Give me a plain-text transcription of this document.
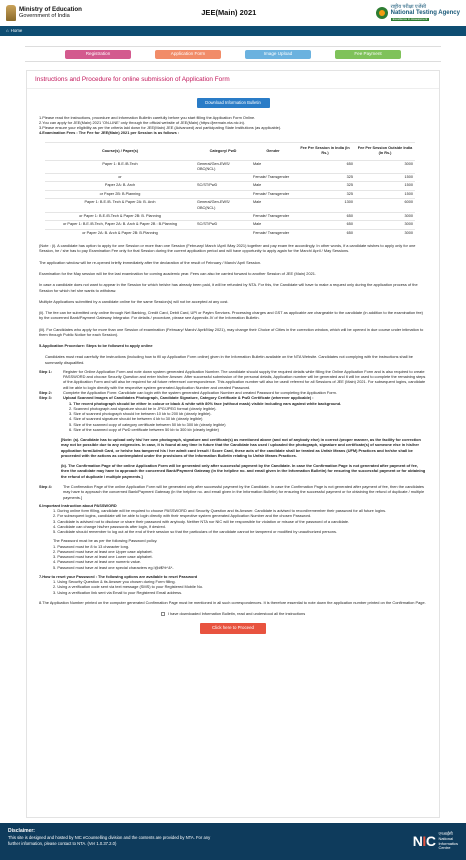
Ministry of Education
Government of India	JEE(Main) 2021
राष्ट्रीय परीक्षा एजेंसी
National Testing Agency
Excellence in Assessment
⌂ Home
Registration	Application Form	Image Upload	Fee Payment
Instructions and Procedure for online submission of Application Form
Download Information Bulletin

1.Please read the instructions, procedure and information Bulletin carefully before you start filling the Application Form Online.

2.You can apply for JEE(Main) 2021 'ON-LINE' only through the official website of JEE(Main) (https://jeemain.nta.nic.in).

3.Please ensure your eligibility as per the criteria laid down for JEE(Main) JEE (Advanced) and participating State Institutions (as applicable).

4.Examination Fees : The Fee for JEE(Main) 2021 per Session is as follows :

Course(s) / Paper(s)	Category/ PwD	Gender	Fee Per Session in India (In Rs.)	Fee Per Session Outside India (In Rs.)
Paper 1: B.E./B.Tech	General/Gen-EWS/ OBC(NCL)	Male	650	3000
or		Female/ Transgender	325	1500
Paper 2A: B. Arch	SC/ST/PwD	Male	325	1500
or Paper 2B: B.Planning		Female/ Transgender	325	1500
Paper 1: B.E./B. Tech & Paper 2A: B. Arch	General/Gen-EWS/ OBC(NCL)	Male	1300	6000
or Paper 1: B.E./B.Tech & Paper 2B: B. Planning		Female/ Transgender	650	3000
or Paper 1: B.E./B.Tech, Paper 2A: B. Arch & Paper 2B : B.Planning	SC/ST/PwD	Male	650	3000
or Paper 2A: B. Arch & Paper 2B: B.Planning		Female/ Transgender	650	3000
(Note : (i). A candidate has option to apply for one Session or more than one Session (February/ March /April /May 2021) together and pay exam fee accordingly. In other words, if a candidate wishes to apply only for one Session, he / she has to pay Examination Fee only for that Session during the current application period and will have opportunity to apply again for the March/ April / May Sessions.
The application window will be re-opened briefly immediately after the declaration of the result of February / March/ April Session.
Examination for the May session will be the last examination for coming academic year. Fees can also be carried forward to another Session of JEE (Main) 2021.
In case a candidate does not want to appear in the Session for which he/she has already been paid, it will be refunded by NTA. For this, the Candidate will have to make a request only during the application process of the Session for which he/ she wants to withdraw.
Multiple Applications submitted by a candidate online for the same Session(s) will not be accepted at any cost.
(ii). The fee can be submitted only online through Net Banking, Credit Card, Debit Card, UPI or Paytm Services. Processing charges and GST as applicable are chargeable to the candidate (in addition to the examination fee) by the concerned Bank/Payment Gateway Integrator. For details / procedure, please see Appendix-IV of the Information Bulletin.
(iii). For Candidates who apply for more than one Session of examination (February/ March/ April/May 2021), may change their Choice of Cities in the correction window, which will be opened in due course under intimation to them through Public Notice for each Session).
5.Application Procedure: Steps to be followed to apply online
Candidates must read carefully the instructions (including how to fill up Application Form online) given in the Information Bulletin available on the NTA Website. Candidates not complying with the instructions shall be summarily disqualified.
Step 1:	Register for Online Application Form and note down system generated Application Number. The candidate should supply the required details while filling the Online Application Form and is also required to create PASSWORD and choose Security Question and enter his/her Answer. After successful submission of the personal details, Application number will be generated and it will be used to complete the remaining steps of the Application Form and will also be required for all future reference/ correspondence. This application number will also be used/ referred for all Sessions of JEE (Main) 2021. For subsequent logins, candidate will be able to login directly with the respective system generated Application Number and created Password.
Step 2:	Complete the Application Form: Candidate can login with the system generated Application Number and created Password for completing the Application Form.
Step 3:	Upload Scanned Images of Candidates Photograph, Candidate Signature, Category Certificate & PwD Certificate (wherever applicable) :
1. The recent photograph should be either in colour or black & white with 80% face (without mask) visible including ears against white background.
2. Scanned photograph and signature should be in JPG/JPEG format (clearly legible).
3. Size of scanned photograph should be between 10 kb to 200 kb (clearly legible).
4. Size of scanned signature should be between 4 kb to 30 kb (clearly legible)
5. Size of the scanned copy of category certificate between 50 kb to 300 kb (clearly legible)
6. Size of the scanned copy of PwD certificate between 50 kb to 300 kb (clearly legible)
[Note: (a). Candidate has to upload only his/ her own photograph, signature and certificate(s) as mentioned above (and not of anybody else) in correct /proper manner, as the facility for correction may not be possible due to any exigencies. In case, it is found at any time in future that the Candidate has used / uploaded the photograph, signature and certificate(s) of someone else in his/her application form/Admit Card, or he/she has tampered his / her admit card /result / Score Card, these acts of the candidate shall be treated as Unfair Means (UFM) Practices and he/she shall be proceeded with the actions as contemplated under the provisions of the Information Bulletin relating to Unfair Means Practices.
(b). The Confirmation Page of the online Application Form will be generated only after successful payment by the Candidate. In case the Confirmation Page is not generated after payment of fee, then the candidate may have to approach the concerned Bank/Payment Gateway (in the helpline no. and email given in the Information Bulletin) for ensuring the successful payment or for obtaining the refund of duplicate / multiple payments.]
Step 4:	The Confirmation Page of the online Application Form will be generated only after successful payment by the Candidate. In case the Confirmation Page is not generated after payment of fee, then the candidates may have to approach the concerned Bank/Payment Gateway (in the helpline no. and email given in the Information Bulletin) for ensuring the successful payment or for obtaining the refund of duplicate / multiple payments.]
6.Important Instruction about PASSWORD
1. During online form filling, candidate will be required to choose PASSWORD and Security Question and its Answer. Candidate is advised to record/remember their password for all future logins.
2. For subsequent logins, candidate will be able to login directly with their respective system generated Application Number and the chosen Password.
3. Candidate is advised not to disclose or share their password with anybody. Neither NTA nor NIC will be responsible for violation or misuse of the password of a candidate.
4. Candidate can change his/her passwords after login, if desired.
5. Candidate should remember to log out at the end of their session so that the particulars of the candidate cannot be tampered or modified by unauthorized persons.
The Password must be as per the following Password policy.
1. Password must be 8 to 13 character long.
2. Password must have at least one Upper case alphabet.
3. Password must have at least one Lower case alphabet.
4. Password must have at least one numeric value.
5. Password must have at least one special characters eg.!@#$%^&*-
7.How to reset your Password : The following options are available to reset Password
1. Using Security Question & its Answer you chosen during Form filling.
2. Using a verification code sent via text message (SMS) to your Registered Mobile No.
3. Using a verification link sent via Email to your Registered Email address.
8.The Application Number printed on the computer generated Confirmation Page must be mentioned in all such correspondences. It is therefore essential to note down the application number printed on the Confirmation Page.
I have downloaded Information Bulletin, read and understood all the instructions
Click here to Proceed
Disclaimer:
This site is designed and hosted by NIC eCounselling division and the contents are provided by NTA. For any
further information, please contact to NTA. (Ver 1.0.37.2.0)	NIC एनआईसी
National
Informatics
Centre
